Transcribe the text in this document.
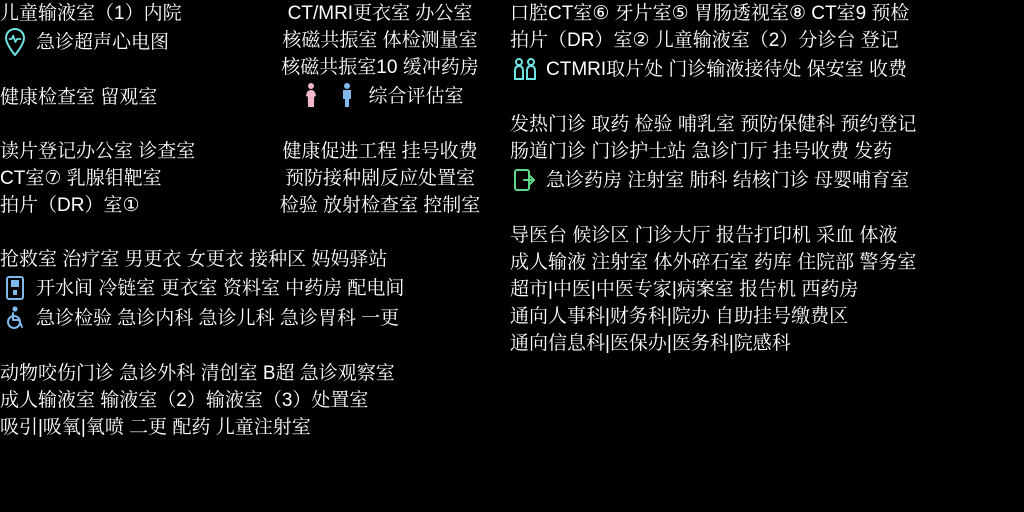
儿童输液室（1）内院
急诊超声心电图
健康检查室 留观室
读片登记办公室 诊查室
CT室⑦ 乳腺钼靶室
拍片（DR）室①
抢救室 治疗室 男更衣 女更衣 接种区 妈妈驿站
开水间 冷链室 更衣室 资料室 中药房 配电间
急诊检验 急诊内科 急诊儿科 急诊胃科 一更
动物咬伤门诊 急诊外科 清创室 B超 急诊观察室
成人输液室 输液室（2）输液室（3）处置室
吸引|吸氧|氧喷 二更 配药 儿童注射室
CT/MRI更衣室 办公室
核磁共振室 体检测量室
核磁共振室10 缓冲药房
综合评估室
健康促进工程 挂号收费
预防接种剧反应处置室
检验 放射检查室 控制室
口腔CT室⑥ 牙片室⑤ 胃肠透视室⑧ CT室9 预检
拍片（DR）室② 儿童输液室（2）分诊台 登记
CTMRI取片处 门诊输液接待处 保安室 收费
发热门诊 取药 检验 哺乳室 预防保健科 预约登记
肠道门诊 门诊护士站 急诊门厅 挂号收费 发药
急诊药房 注射室 肺科 结核门诊 母婴哺育室
导医台 候诊区 门诊大厅 报告打印机 采血 体液
成人输液 注射室 体外碎石室 药库 住院部 警务室
超市|中医|中医专家|病案室 报告机 西药房
通向人事科|财务科|院办 自助挂号缴费区
通向信息科|医保办|医务科|院感科
